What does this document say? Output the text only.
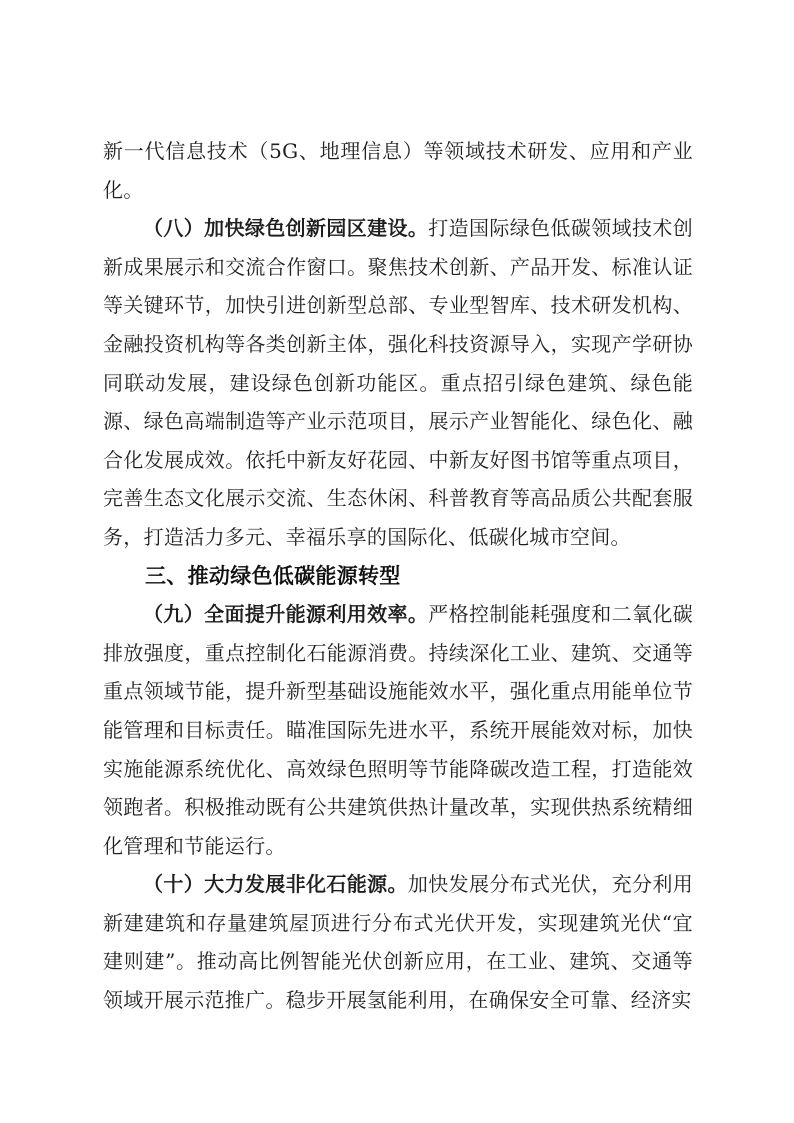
新一代信息技术（5G、地理信息）等领域技术研发、应用和产业化。

（八）加快绿色创新园区建设。打造国际绿色低碳领域技术创新成果展示和交流合作窗口。聚焦技术创新、产品开发、标准认证等关键环节，加快引进创新型总部、专业型智库、技术研发机构、金融投资机构等各类创新主体，强化科技资源导入，实现产学研协同联动发展，建设绿色创新功能区。重点招引绿色建筑、绿色能源、绿色高端制造等产业示范项目，展示产业智能化、绿色化、融合化发展成效。依托中新友好花园、中新友好图书馆等重点项目，完善生态文化展示交流、生态休闲、科普教育等高品质公共配套服务，打造活力多元、幸福乐享的国际化、低碳化城市空间。

三、推动绿色低碳能源转型

（九）全面提升能源利用效率。严格控制能耗强度和二氧化碳排放强度，重点控制化石能源消费。持续深化工业、建筑、交通等重点领域节能，提升新型基础设施能效水平，强化重点用能单位节能管理和目标责任。瞄准国际先进水平，系统开展能效对标，加快实施能源系统优化、高效绿色照明等节能降碳改造工程，打造能效领跑者。积极推动既有公共建筑供热计量改革，实现供热系统精细化管理和节能运行。

（十）大力发展非化石能源。加快发展分布式光伏，充分利用新建建筑和存量建筑屋顶进行分布式光伏开发，实现建筑光伏“宜建则建”。推动高比例智能光伏创新应用，在工业、建筑、交通等领域开展示范推广。稳步开展氢能利用，在确保安全可靠、经济实
